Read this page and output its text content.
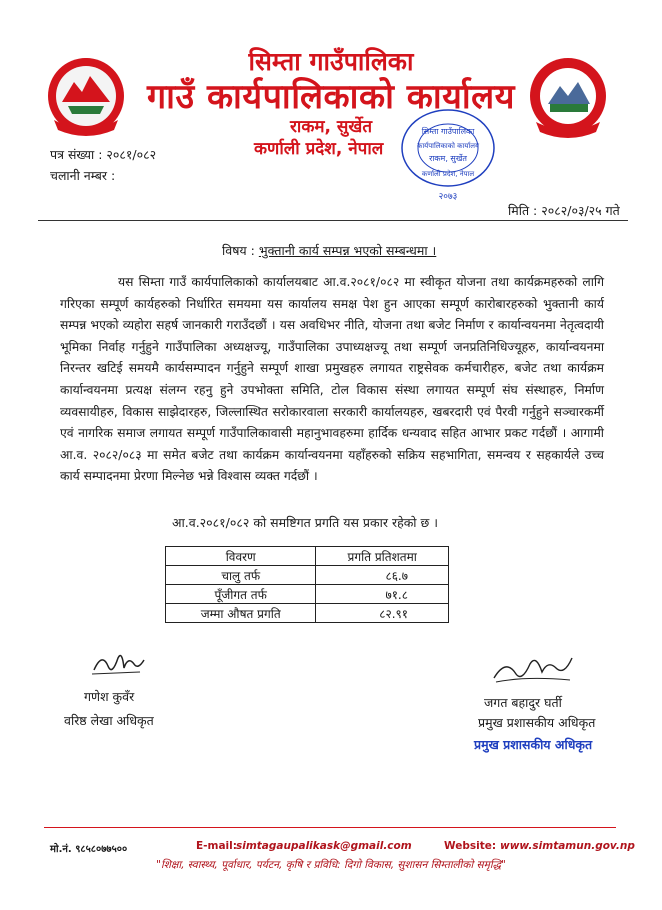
सिम्ता गाउँपालिका
गाउँ कार्यपालिकाको कार्यालय
राकम, सुर्खेत
कर्णाली प्रदेश, नेपाल
सिम्ता गाउँपालिका
कार्यपालिकाको कार्यालय
राकम, सुर्खेत
कर्णाली प्रदेश, नेपाल
२०७३
पत्र संख्या : २०८१/०८२
चलानी नम्बर :
मिति : २०८२/०३/२५ गते
विषय : भुक्तानी कार्य सम्पन्न भएको सम्बन्धमा ।
यस सिम्ता गाउँ कार्यपालिकाको कार्यालयबाट आ.व.२०८१/०८२ मा स्वीकृत योजना तथा कार्यक्रमहरुको लागि गरिएका सम्पूर्ण कार्यहरुको निर्धारित समयमा यस कार्यालय समक्ष पेश हुन आएका सम्पूर्ण कारोबारहरुको भुक्तानी कार्य सम्पन्न भएको व्यहोरा सहर्ष जानकारी गराउँदछौं । यस अवधिभर नीति, योजना तथा बजेट निर्माण र कार्यान्वयनमा नेतृत्वदायी भूमिका निर्वाह गर्नुहुने गाउँपालिका अध्यक्षज्यू, गाउँपालिका उपाध्यक्षज्यू तथा सम्पूर्ण जनप्रतिनिधिज्यूहरु, कार्यान्वयनमा निरन्तर खटिई समयमै कार्यसम्पादन गर्नुहुने सम्पूर्ण शाखा प्रमुखहरु लगायत राष्ट्रसेवक कर्मचारीहरु, बजेट तथा कार्यक्रम कार्यान्वयनमा प्रत्यक्ष संलग्न रहनु हुने उपभोक्ता समिति, टोल विकास संस्था लगायत सम्पूर्ण संघ संस्थाहरु, निर्माण व्यवसायीहरु, विकास साझेदारहरु, जिल्लास्थित सरोकारवाला सरकारी कार्यालयहरु, खबरदारी एवं पैरवी गर्नुहुने सञ्चारकर्मी एवं नागरिक समाज लगायत सम्पूर्ण गाउँपालिकावासी महानुभावहरुमा हार्दिक धन्यवाद सहित आभार प्रकट गर्दछौं । आगामी आ.व. २०८२/०८३ मा समेत बजेट तथा कार्यक्रम कार्यान्वयनमा यहाँहरुको सक्रिय सहभागिता, समन्वय र सहकार्यले उच्च कार्य सम्पादनमा प्रेरणा मिल्नेछ भन्ने विश्वास व्यक्त गर्दछौं ।
आ.व.२०८१/०८२ को समष्टिगत प्रगति यस प्रकार रहेको छ ।
विवरण	प्रगति प्रतिशतमा
चालु तर्फ	८६.७
पूँजीगत तर्फ	७१.८
जम्मा औषत प्रगति	८२.९१
गणेश कुवँर
वरिष्ठ लेखा अधिकृत
जगत बहादुर घर्ती
प्रमुख प्रशासकीय अधिकृत
प्रमुख प्रशासकीय अधिकृत
मो.नं. ९८५८०७७५००	E-mail: simtagaupalikask@gmail.com	Website: www.simtamun.gov.np
"शिक्षा, स्वास्थ्य, पूर्वाधार, पर्यटन, कृषि र प्रविधि: दिगो विकास, सुशासन सिम्तालीको समृद्धि"
